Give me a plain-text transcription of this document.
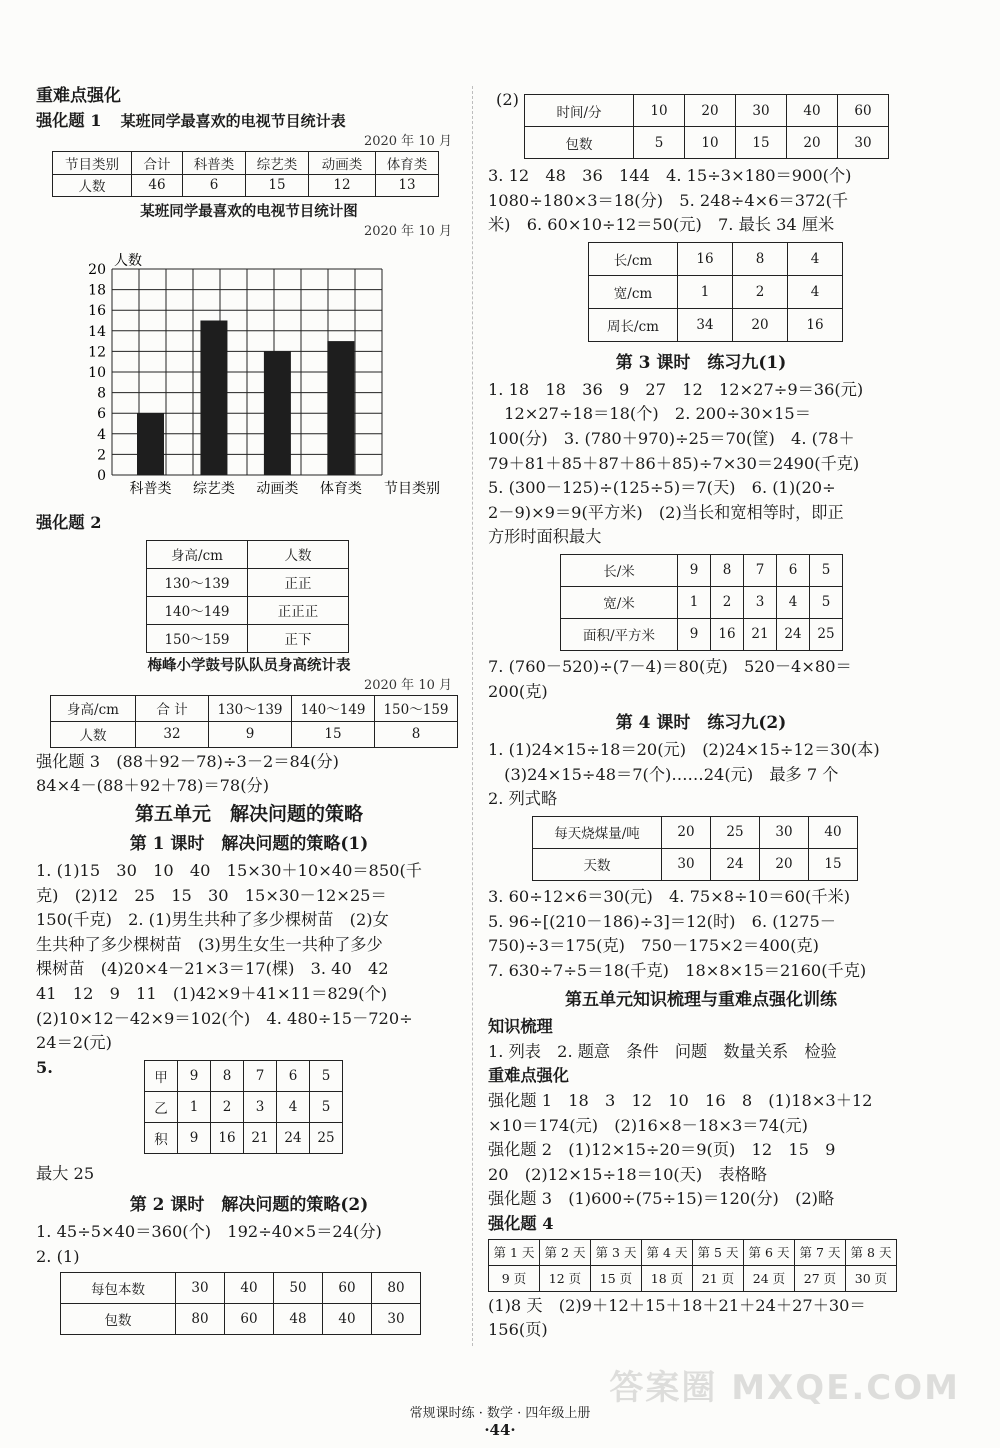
重难点强化
强化题 1 某班同学最喜欢的电视节目统计表
2020 年 10 月
节目类别	合计	科普类	综艺类	动画类	体育类
人数	46	6	15	12	13
某班同学最喜欢的电视节目统计图
2020 年 10 月
0
2
4
6
8
10
12
14
16
18
20
科普类 综艺类 动画类 体育类
人数
节目类别
强化题 2
身高/cm	人数
130～139	正正
140～149	正正正
150～159	正下
梅峰小学鼓号队队员身高统计表
2020 年 10 月
身高/cm	合 计	130～139	140～149	150～159
人数	32	9	15	8
强化题 3　(88＋92－78)÷3－2＝84(分)
84×4－(88＋92＋78)＝78(分)
第五单元　解决问题的策略
第 1 课时　解决问题的策略(1)
1. (1)15　30　10　40　15×30＋10×40＝850(千
克)　(2)12　25　15　30　15×30－12×25＝
150(千克)　2. (1)男生共种了多少棵树苗　(2)女
生共种了多少棵树苗　(3)男生女生一共种了多少
棵树苗　(4)20×4－21×3＝17(棵)　3. 40　42
41　12　9　11　(1)42×9＋41×11＝829(个)
(2)10×12－42×9＝102(个)　4. 480÷15－720÷
24＝2(元)
5.
甲	9	8	7	6	5
乙	1	2	3	4	5
积	9	16	21	24	25
最大 25
第 2 课时　解决问题的策略(2)
1. 45÷5×40＝360(个)　192÷40×5＝24(分)
2. (1)
每包本数	30	40	50	60	80
包数	80	60	48	40	30
(2)
时间/分	10	20	30	40	60
包数	5	10	15	20	30
3. 12　48　36　144　4. 15÷3×180＝900(个)
1080÷180×3＝18(分)　5. 248÷4×6＝372(千
米)　6. 60×10÷12＝50(元)　7. 最长 34 厘米
长/cm	16	8	4
宽/cm	1	2	4
周长/cm	34	20	16
第 3 课时　练习九(1)
1. 18　18　36　9　27　12　12×27÷9＝36(元)
　12×27÷18＝18(个)　2. 200÷30×15＝
100(分)　3. (780＋970)÷25＝70(筐)　4. (78＋
79＋81＋85＋87＋86＋85)÷7×30＝2490(千克)
5. (300－125)÷(125÷5)＝7(天)　6. (1)(20÷
2－9)×9＝9(平方米)　(2)当长和宽相等时，即正
方形时面积最大
长/米	9	8	7	6	5
宽/米	1	2	3	4	5
面积/平方米	9	16	21	24	25
7. (760－520)÷(7－4)＝80(克)　520－4×80＝
200(克)
第 4 课时　练习九(2)
1. (1)24×15÷18＝20(元)　(2)24×15÷12＝30(本)
　(3)24×15÷48＝7(个)……24(元)　最多 7 个
2. 列式略
每天烧煤量/吨	20	25	30	40
天数	30	24	20	15
3. 60÷12×6＝30(元)　4. 75×8÷10＝60(千米)
5. 96÷[(210－186)÷3]＝12(时)　6. (1275－
750)÷3＝175(克)　750－175×2＝400(克)
7. 630÷7÷5＝18(千克)　18×8×15＝2160(千克)
第五单元知识梳理与重难点强化训练
知识梳理
1. 列表　2. 题意　条件　问题　数量关系　检验
重难点强化
强化题 1　18　3　12　10　16　8　(1)18×3＋12
×10＝174(元)　(2)16×8－18×3＝74(元)
强化题 2　(1)12×15÷20＝9(页)　12　15　9
20　(2)12×15÷18＝10(天)　表格略
强化题 3　(1)600÷(75÷15)＝120(分)　(2)略
强化题 4
第 1 天	第 2 天	第 3 天	第 4 天	第 5 天	第 6 天	第 7 天	第 8 天
9 页	12 页	15 页	18 页	21 页	24 页	27 页	30 页
(1)8 天　(2)9＋12＋15＋18＋21＋24＋27＋30＝
156(页)
常规课时练 · 数学 · 四年级上册
·44·
答案圈 MXQE.COM
